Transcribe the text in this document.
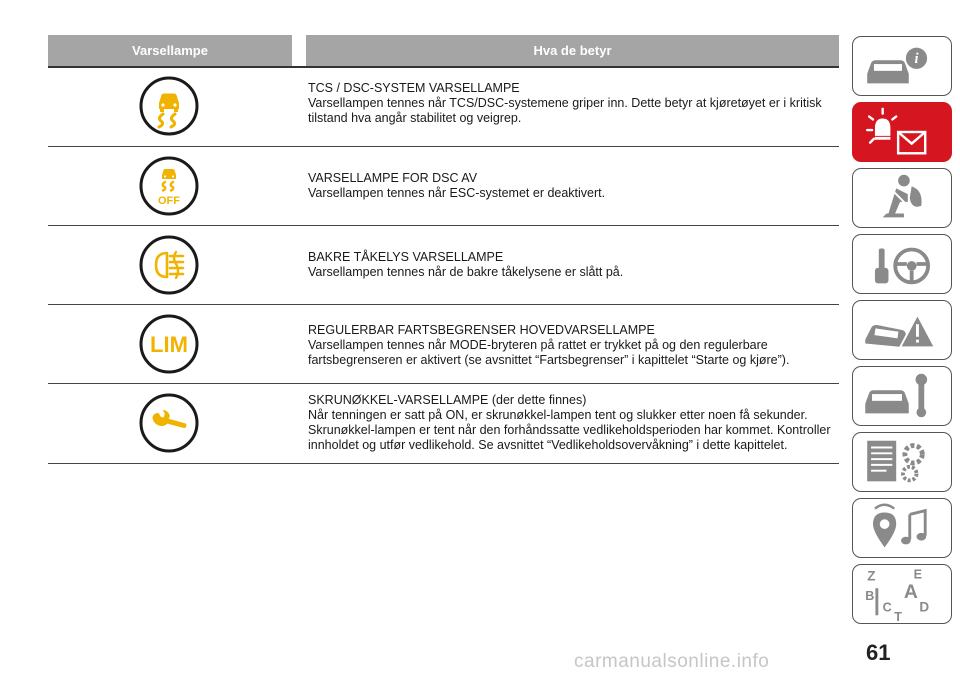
Varsellampe	Hva de betyr

TCS / DSC-SYSTEM VARSELLAMPE

Varsellampen tennes når TCS/DSC-systemene griper inn. Dette betyr at kjøretøyet er i kritisk tilstand hva angår stabilitet og veigrep.

OFF

VARSELLAMPE FOR DSC AV

Varsellampen tennes når ESC-systemet er deaktivert.

BAKRE TÅKELYS VARSELLAMPE

Varsellampen tennes når de bakre tåkelysene er slått på.

LIM

REGULERBAR FARTSBEGRENSER HOVEDVARSELLAMPE

Varsellampen tennes når MODE-bryteren på rattet er trykket på og den regulerbare fartsbegrenseren er aktivert (se avsnittet “Fartsbegrenser” i kapittelet “Starte og kjøre”).

SKRUNØKKEL-VARSELLAMPE (der dette finnes)

Når tenningen er satt på ON, er skrunøkkel-lampen tent og slukker etter noen få sekunder. Skrunøkkel-lampen er tent når den forhåndssatte vedlikeholdsperioden har kommet. Kontroller innholdet og utfør vedlikehold. Se avsnittet “Vedlikeholdsovervåkning” i dette kapittelet.

i
Z	E
A
B
C D
T
61
carmanualsonline.info
